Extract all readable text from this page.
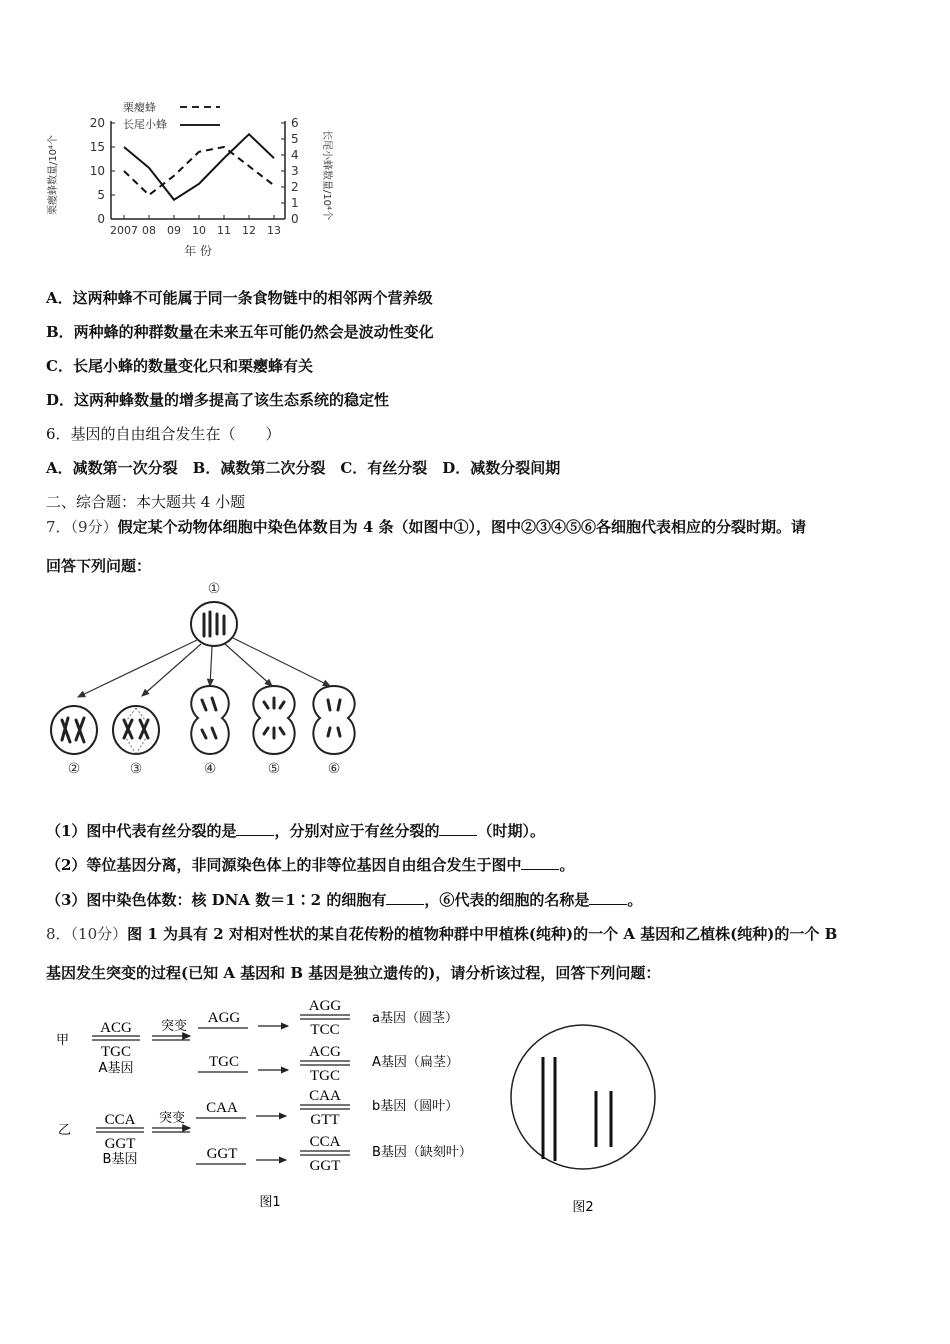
0
5
10
15
20
0
1
2
3
4
5
6
2007 08 09 10 11 12 13
栗瘿蜂
长尾小蜂
栗瘿蜂数量/10⁴个	长尾小蜂数量/10⁴个
年 份
A．这两种蜂不可能属于同一条食物链中的相邻两个营养级
B．两种蜂的种群数量在未来五年可能仍然会是波动性变化
C．长尾小蜂的数量变化只和栗瘿蜂有关
D．这两种蜂数量的增多提高了该生态系统的稳定性
6．基因的自由组合发生在（　　）
A．减数第一次分裂　B．减数第二次分裂　C．有丝分裂　D．减数分裂间期
二、综合题：本大题共 4 小题
7．（9分）假定某个动物体细胞中染色体数目为 4 条（如图中①），图中②③④⑤⑥各细胞代表相应的分裂时期。请
回答下列问题：
①
②	③	④	⑤	⑥
（1）图中代表有丝分裂的是	，分别对应于有丝分裂的	（时期）。
（2）等位基因分离，非同源染色体上的非等位基因自由组合发生于图中	。
（3）图中染色体数：核 DNA 数＝1∶2 的细胞有	，⑥代表的细胞的名称是	。
8．（10分）图 1 为具有 2 对相对性状的某自花传粉的植物种群中甲植株(纯种)的一个 A 基因和乙植株(纯种)的一个 B
基因发生突变的过程(已知 A 基因和 B 基因是独立遗传的)，请分析该过程，回答下列问题：
甲
ACG
TGC
A基因
突变
AGG
AGG
TCC
a基因（圆茎）
TGC
ACG
TGC
A基因（扁茎）
乙
CCA
GGT
B基因
突变
CAA
CAA
GTT
b基因（圆叶）
GGT
CCA
GGT
B基因（缺刻叶）
图1	图2
